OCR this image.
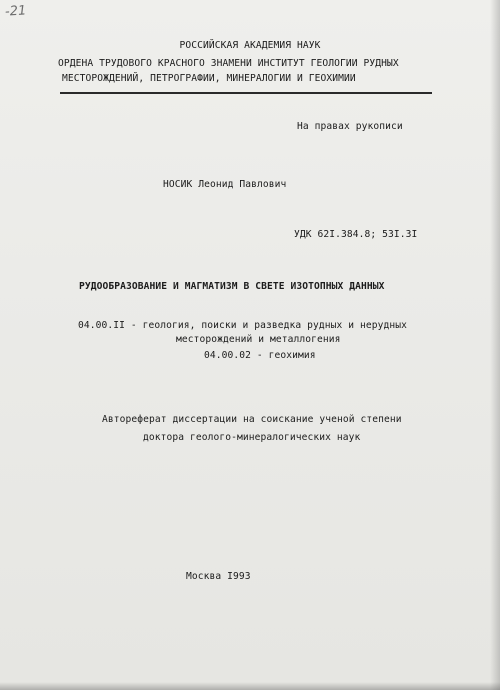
-21
РОССИЙСКАЯ АКАДЕМИЯ НАУК
ОРДЕНА ТРУДОВОГО КРАСНОГО ЗНАМЕНИ ИНСТИТУТ ГЕОЛОГИИ РУДНЫХ
МЕСТОРОЖДЕНИЙ, ПЕТРОГРАФИИ, МИНЕРАЛОГИИ И ГЕОХИМИИ
На правах рукописи
НОСИК Леонид Павлович
УДК 62I.384.8; 53I.3I
РУДООБРАЗОВАНИЕ И МАГМАТИЗМ В СВЕТЕ ИЗОТОПНЫХ ДАННЫХ
04.00.II - геология, поиски и разведка рудных и нерудных
месторождений и металлогения
04.00.02 - геохимия
Автореферат диссертации на соискание ученой степени
доктора геолого-минералогических наук
Москва I993
